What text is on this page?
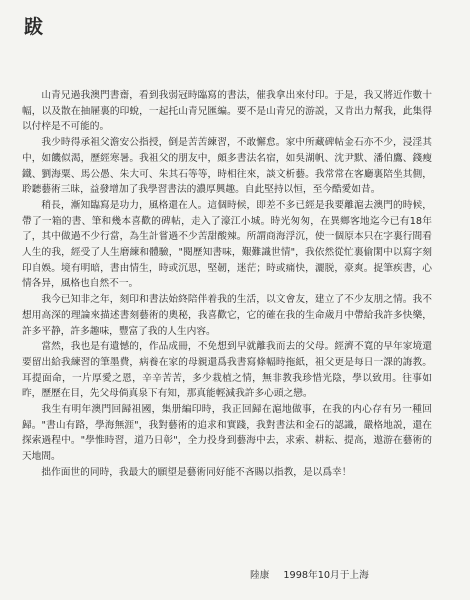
跋

山青兄過我澳門書齋，看到我弱冠時臨寫的書法，催我拿出來付印。于是，我又將近作數十幅，以及散在抽屜裏的印蛻，一起托山青兄匯編。要不是山青兄的游説，又肯出力幫我，此集得以付梓是不可能的。

我少時得承祖父澹安公指授，倒是苦苦練習，不敢懈怠。家中所藏碑帖金石亦不少，浸淫其中，如饑似渴，歷經寒暑。我祖父的朋友中，頗多書法名宿，如吳湖帆、沈尹默、潘伯鷹、錢瘦鐵、劉海粟、馬公愚、朱大可、朱其石等等，時相往來，談文析藝。我常常在客廳裏陪坐其側，聆聽藝術三昧，益發增加了我學習書法的濃厚興趣。自此堅持以恒，至今酷愛如昔。

稍長，漸知臨寫是功力，風格還在人。這個時候，即差不多已經是我要離滬去澳門的時候，帶了一箱的書、筆和幾本喜歡的碑帖，走入了濠江小城。時光匆匆，在異鄉客地迄今已有18年了，其中做過不少行當，為生計嘗過不少苦甜酸辣。所謂商海浮沉，使一個原本只在字裏行間看人生的我，經受了人生磨練和體驗，"閱歷知書味，艱難識世情"，我依然從忙裏偷閑中以寫字刻印自娛。境有明暗，書由情生，時或沉思，堅韌，迷茫；時或痛快，灑脱，豪爽。捉筆疾書，心情各异，風格也自然不一。

我今已知非之年，刻印和書法始終陪伴着我的生活，以文會友，建立了不少友朋之情。我不想用高深的理論來描述書刻藝術的奧秘，我喜歡它，它的確在我的生命歲月中帶給我許多快樂，許多平静，許多趣味，豐富了我的人生内容。

當然，我也是有遺憾的，作品成冊，不免想到早就離我而去的父母。經濟不寬的早年家境還要留出給我練習的筆墨費，病養在家的母親還爲我書寫條幅時拖紙，祖父更是每日一課的誨教。耳提面命，一片厚愛之恩，辛辛苦苦，多少栽植之情，無非教我珍惜光陰，學以致用。往事如昨，歷歷在目，先父母倘真泉下有知，那真能輕減我許多心頭之戀。

我生有明年澳門回歸祖國，集册編印時，我正回歸在滬地做事，在我的内心存有另一種回歸。"書山有路，學海無涯"，我對藝術的追求和實踐，我對書法和金石的認識，嚴格地説，還在探索過程中。"學惟時習，道乃日彰"，全力投身到藝海中去，求索、耕耘、提高，遨游在藝術的天地間。

拙作面世的同時，我最大的願望是藝術同好能不吝賜以指教，是以爲幸！

陸康 1998年10月于上海
